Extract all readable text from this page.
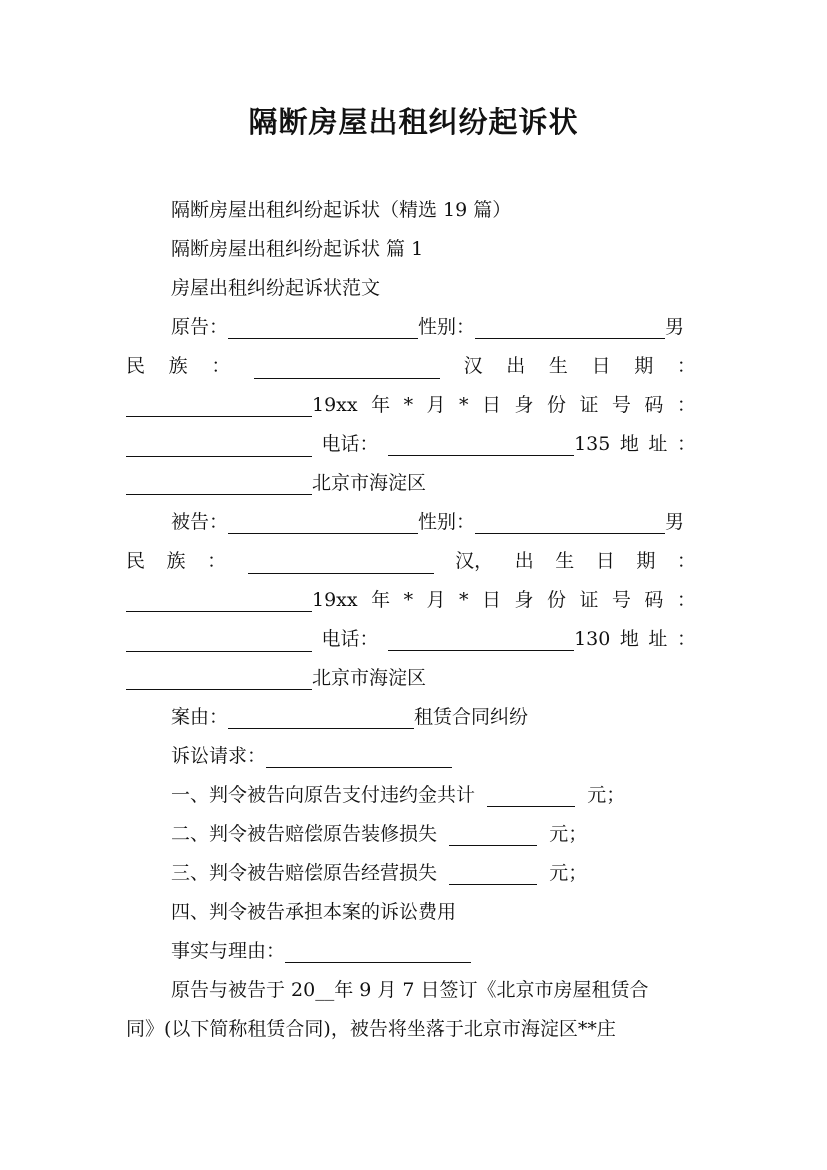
隔断房屋出租纠纷起诉状
隔断房屋出租纠纷起诉状（精选 19 篇）
隔断房屋出租纠纷起诉状 篇 1
房屋出租纠纷起诉状范文
原告：	性别：	男
民 族 ：	汉 出 生 日 期 ：
19xx 年 * 月 * 日 身 份 证 号 码 ：
电话：	135 地 址 ：
北京市海淀区
被告：	性别：	男
民 族 ：	汉， 出 生 日 期 ：
19xx 年 * 月 * 日 身 份 证 号 码 ：
电话：	130 地 址 ：
北京市海淀区
案由：	租赁合同纠纷
诉讼请求：
一、判令被告向原告支付违约金共计	元；
二、判令被告赔偿原告装修损失	元；
三、判令被告赔偿原告经营损失	元；
四、判令被告承担本案的诉讼费用
事实与理由：
原告与被告于 20__年 9 月 7 日签订《北京市房屋租赁合
同》(以下简称租赁合同)，被告将坐落于北京市海淀区**庄
